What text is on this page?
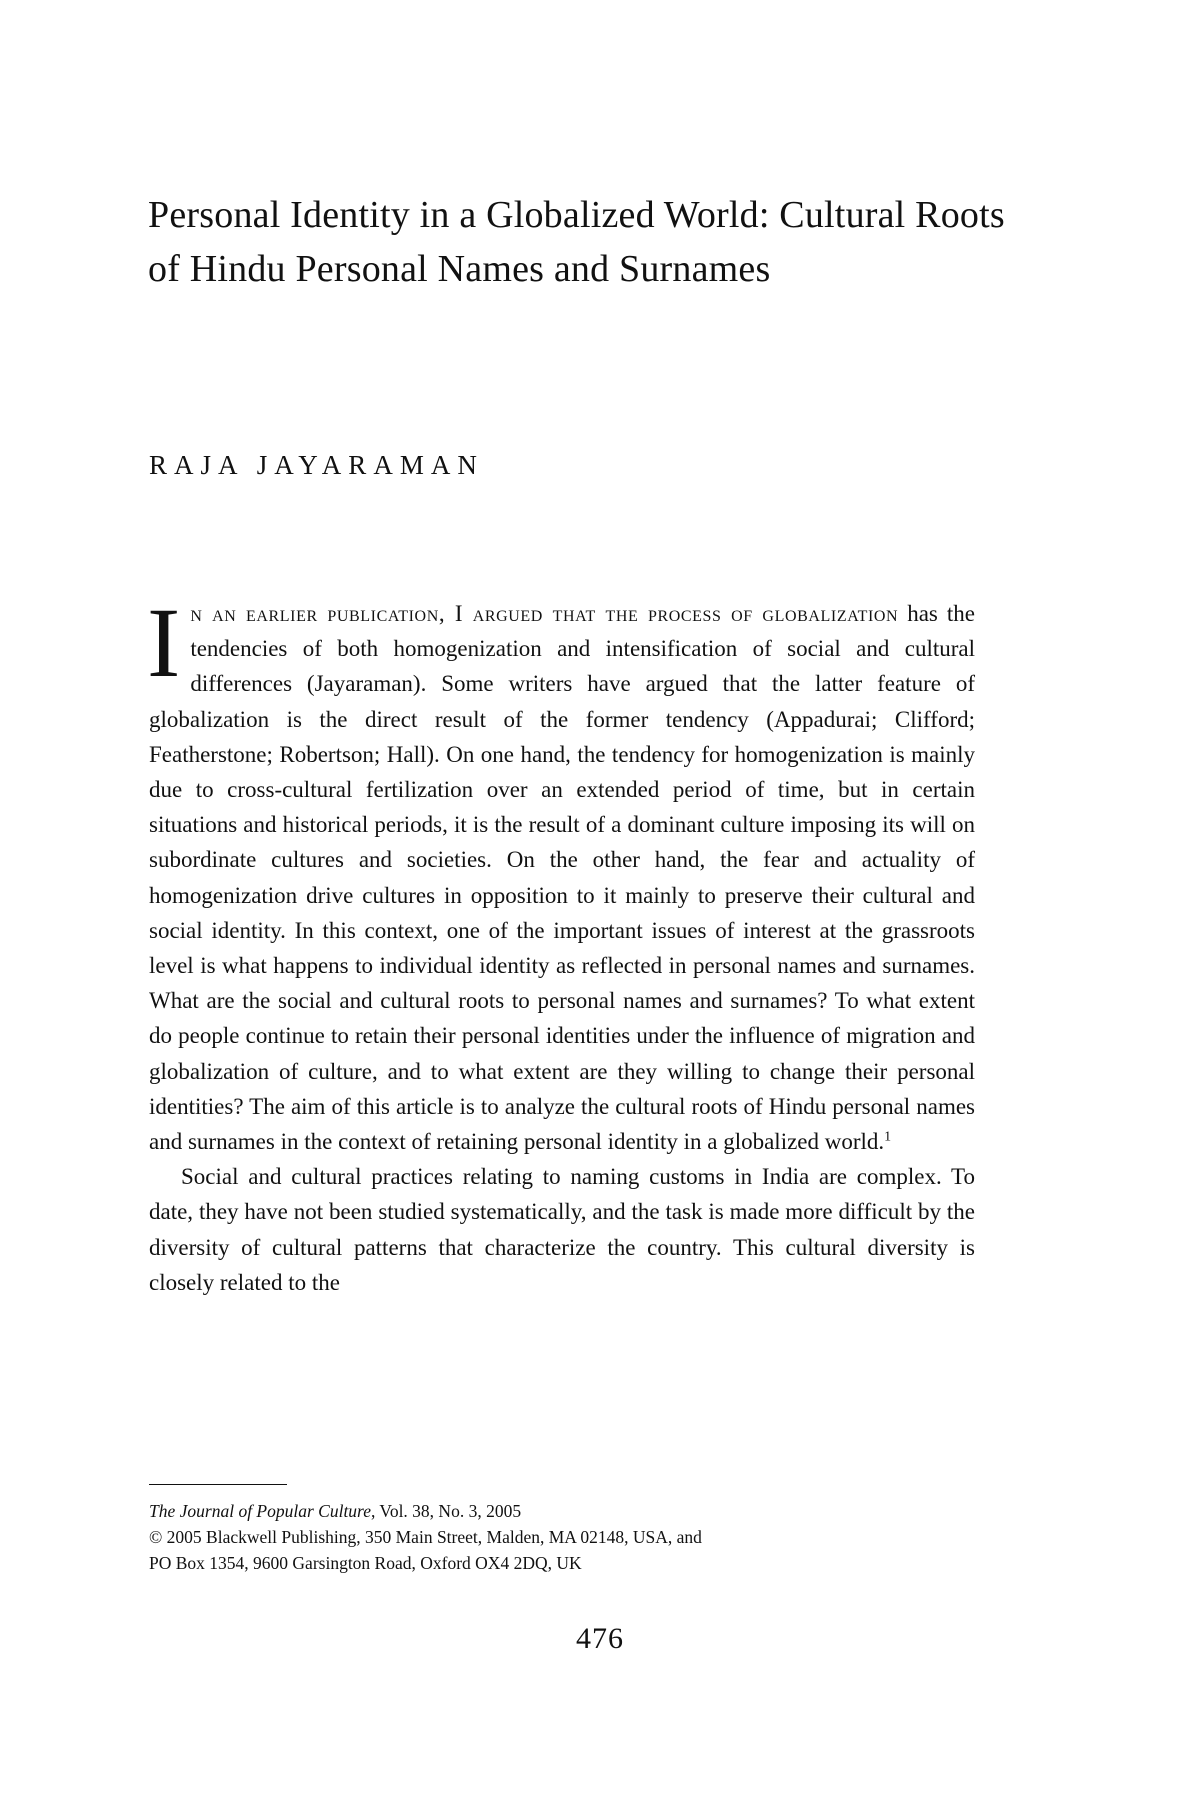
Personal Identity in a Globalized World: Cultural Roots of Hindu Personal Names and Surnames
RAJA JAYARAMAN

In an earlier publication, I argued that the process of globalization has the tendencies of both homogenization and intensification of social and cultural differences (Jayaraman). Some writers have argued that the latter feature of globalization is the direct result of the former tendency (Appadurai; Clifford; Featherstone; Robertson; Hall). On one hand, the tendency for homogenization is mainly due to cross-cultural fertilization over an extended period of time, but in certain situations and historical periods, it is the result of a dominant culture imposing its will on subordinate cultures and societies. On the other hand, the fear and actuality of homogenization drive cultures in opposition to it mainly to preserve their cultural and social identity. In this context, one of the important issues of interest at the grassroots level is what happens to individual identity as reflected in personal names and surnames. What are the social and cultural roots to personal names and surnames? To what extent do people continue to retain their personal identities under the influence of migration and globalization of culture, and to what extent are they willing to change their personal identities? The aim of this article is to analyze the cultural roots of Hindu personal names and surnames in the context of retaining personal identity in a globalized world.$^1$

Social and cultural practices relating to naming customs in India are complex. To date, they have not been studied systematically, and the task is made more difficult by the diversity of cultural patterns that characterize the country. This cultural diversity is closely related to the

The Journal of Popular Culture, Vol. 38, No. 3, 2005
© 2005 Blackwell Publishing, 350 Main Street, Malden, MA 02148, USA, and
PO Box 1354, 9600 Garsington Road, Oxford OX4 2DQ, UK
476
